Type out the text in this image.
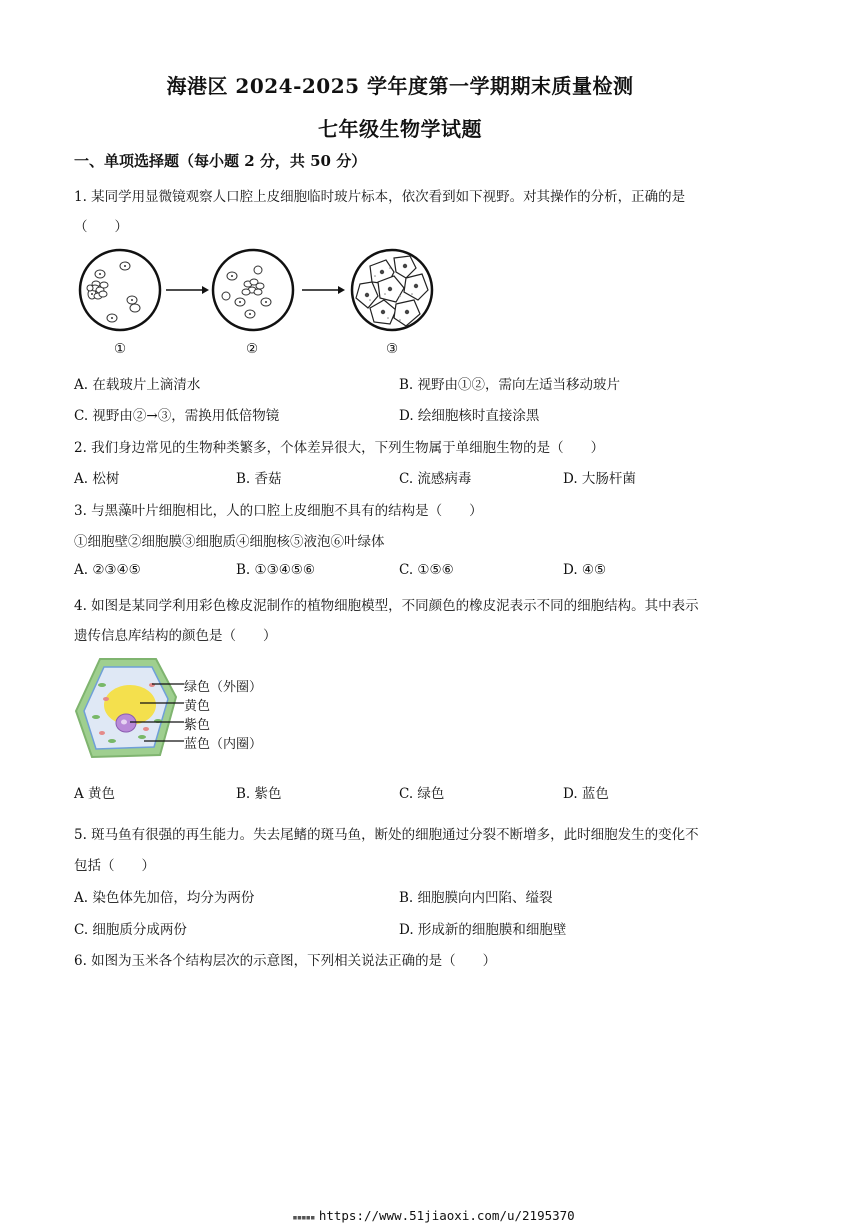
海港区 2024-2025 学年度第一学期期末质量检测
七年级生物学试题
一、单项选择题（每小题 2 分，共 50 分）
1. 某同学用显微镜观察人口腔上皮细胞临时玻片标本，依次看到如下视野。对其操作的分析，正确的是
（　　）
①	②	③
A. 在载玻片上滴清水	B. 视野由①②，需向左适当移动玻片
C. 视野由②→③，需换用低倍物镜	D. 绘细胞核时直接涂黑
2. 我们身边常见的生物种类繁多，个体差异很大，下列生物属于单细胞生物的是（　　）
A. 松树	B. 香菇	C. 流感病毒	D. 大肠杆菌
3. 与黑藻叶片细胞相比，人的口腔上皮细胞不具有的结构是（　　）
①细胞壁②细胞膜③细胞质④细胞核⑤液泡⑥叶绿体
A. ②③④⑤	B. ①③④⑤⑥	C. ①⑤⑥	D. ④⑤
4. 如图是某同学利用彩色橡皮泥制作的植物细胞模型，不同颜色的橡皮泥表示不同的细胞结构。其中表示
遗传信息库结构的颜色是（　　）
绿色（外圈）
黄色
紫色
蓝色（内圈）
A 黄色	B. 紫色	C. 绿色	D. 蓝色
5. 斑马鱼有很强的再生能力。失去尾鳍的斑马鱼，断处的细胞通过分裂不断增多，此时细胞发生的变化不
包括（　　）
A. 染色体先加倍，均分为两份	B. 细胞膜向内凹陷、缢裂
C. 细胞质分成两份	D. 形成新的细胞膜和细胞壁
6. 如图为玉米各个结构层次的示意图，下列相关说法正确的是（　　）
▪▪▪▪▪ https://www.51jiaoxi.com/u/2195370
